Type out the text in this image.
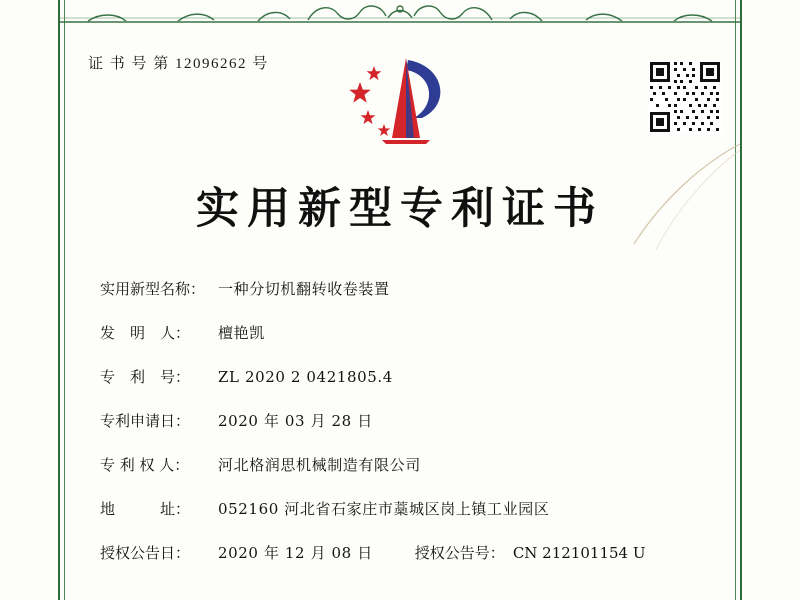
证 书 号 第 12096262 号
实用新型专利证书
实用新型名称： 一种分切机翻转收卷装置
发　明　人：	檀艳凯
专　利　号：	ZL 2020 2 0421805.4
专利申请日：	2020 年 03 月 28 日
专 利 权 人：	河北格润思机械制造有限公司
地　　　址：	052160 河北省石家庄市藁城区岗上镇工业园区
授权公告日：	2020 年 12 月 08 日	授权公告号： CN 212101154 U
